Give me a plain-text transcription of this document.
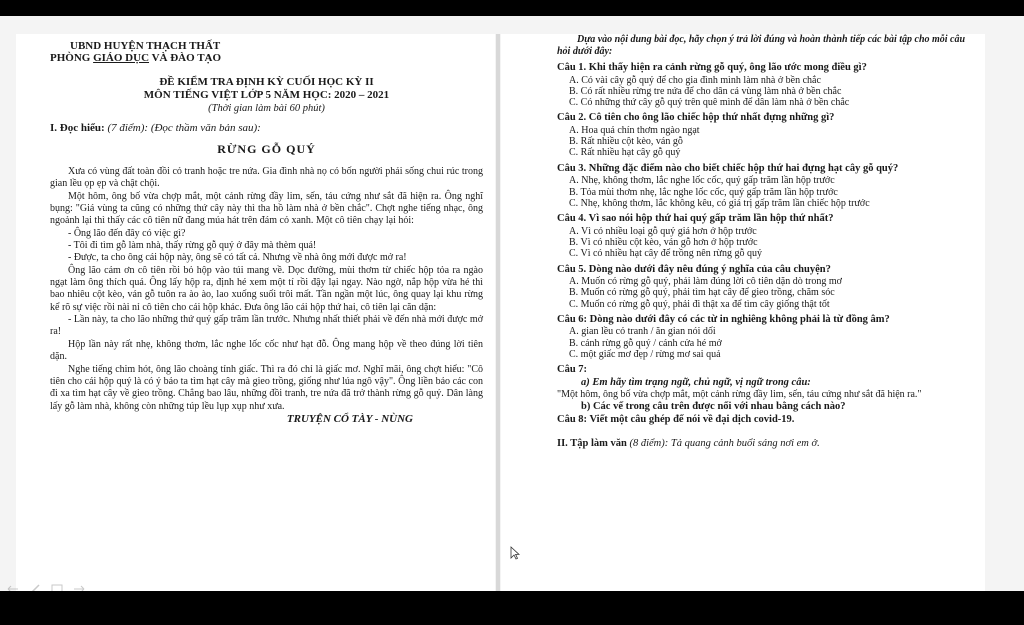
UBND HUYỆN THẠCH THẤT

PHÒNG GIÁO DỤC VÀ ĐÀO TẠO

ĐỀ KIỂM TRA ĐỊNH KỲ CUỐI HỌC KỲ II

MÔN TIẾNG VIỆT LỚP 5 NĂM HỌC: 2020 – 2021

(Thời gian làm bài 60 phút)

I. Đọc hiểu: (7 điểm): (Đọc thầm văn bản sau):

RỪNG GỖ QUÝ

Xưa có vùng đất toàn đồi cỏ tranh hoặc tre nứa. Gia đình nhà nọ có bốn người phải sống chui rúc trong gian lều ọp ẹp và chật chội.

Một hôm, ông bố vừa chợp mắt, một cảnh rừng đầy lim, sến, táu cứng như sắt đã hiện ra. Ông nghĩ bụng: "Giá vùng ta cũng có những thứ cây này thì tha hồ làm nhà ở bền chắc". Chợt nghe tiếng nhạc, ông ngoảnh lại thì thấy các cô tiên nữ đang múa hát trên đám cỏ xanh. Một cô tiên chạy lại hỏi:

- Ông lão đến đây có việc gì?

- Tôi đi tìm gỗ làm nhà, thấy rừng gỗ quý ở đây mà thèm quá!

- Được, ta cho ông cái hộp này, ông sẽ có tất cả. Nhưng về nhà ông mới được mở ra!

Ông lão cảm ơn cô tiên rồi bỏ hộp vào túi mang về. Dọc đường, mùi thơm từ chiếc hộp tỏa ra ngào ngạt làm ông thích quá. Ông lấy hộp ra, định hé xem một tí rồi đậy lại ngay. Nào ngờ, nắp hộp vừa hé thì bao nhiêu cột kèo, ván gỗ tuôn ra ào ào, lao xuống suối trôi mất. Tần ngần một lúc, ông quay lại khu rừng kể rõ sự việc rồi nài nỉ cô tiên cho cái hộp khác. Đưa ông lão cái hộp thứ hai, cô tiên lại căn dặn:

- Lần này, ta cho lão những thứ quý gấp trăm lần trước. Nhưng nhất thiết phải về đến nhà mới được mở ra!

Hộp lần này rất nhẹ, không thơm, lắc nghe lốc cốc như hạt đỗ. Ông mang hộp về theo đúng lời tiên dặn.

Nghe tiếng chim hót, ông lão choàng tỉnh giấc. Thì ra đó chỉ là giấc mơ. Nghĩ mãi, ông chợt hiểu: "Cô tiên cho cái hộp quý là có ý bảo ta tìm hạt cây mà gieo trồng, giống như lúa ngô vậy". Ông liền bảo các con đi xa tìm hạt cây về gieo trồng. Chẳng bao lâu, những đồi tranh, tre nứa đã trở thành rừng gỗ quý. Dân làng lấy gỗ làm nhà, không còn những túp lều lụp xụp như xưa.

TRUYỆN CỔ TÀY - NÙNG

Dựa vào nội dung bài đọc, hãy chọn ý trả lời đúng và hoàn thành tiếp các bài tập cho mỗi câu hỏi dưới đây:

Câu 1. Khi thấy hiện ra cảnh rừng gỗ quý, ông lão ước mong điều gì?

A. Có vài cây gỗ quý để cho gia đình mình làm nhà ở bền chắc

B. Có rất nhiều rừng tre nứa để cho dân cả vùng làm nhà ở bền chắc

C. Có những thứ cây gỗ quý trên quê mình để dân làm nhà ở bền chắc

Câu 2. Cô tiên cho ông lão chiếc hộp thứ nhất đựng những gì?

A. Hoa quả chín thơm ngào ngạt

B. Rất nhiều cột kèo, ván gỗ

C. Rất nhiều hạt cây gỗ quý

Câu 3. Những đặc điểm nào cho biết chiếc hộp thứ hai đựng hạt cây gỗ quý?

A. Nhẹ, không thơm, lắc nghe lốc cốc, quý gấp trăm lần hộp trước

B. Tỏa mùi thơm nhẹ, lắc nghe lốc cốc, quý gấp trăm lần hộp trước

C. Nhẹ, không thơm, lắc không kêu, có giá trị gấp trăm lần chiếc hộp trước

Câu 4. Vì sao nói hộp thứ hai quý gấp trăm lần hộp thứ nhất?

A. Vì có nhiều loại gỗ quý giá hơn ở hộp trước

B. Vì có nhiều cột kèo, ván gỗ hơn ở hộp trước

C. Vì có nhiều hạt cây để trồng nên rừng gỗ quý

Câu 5. Dòng nào dưới đây nêu đúng ý nghĩa của câu chuyện?

A. Muốn có rừng gỗ quý, phải làm đúng lời cô tiên dặn dò trong mơ

B. Muốn có rừng gỗ quý, phải tìm hạt cây để gieo trồng, chăm sóc

C. Muốn có rừng gỗ quý, phải đi thật xa để tìm cây giống thật tốt

Câu 6: Dòng nào dưới đây có các từ in nghiêng không phải là từ đồng âm?

A. gian lều cỏ tranh / ăn gian nói dối

B. cánh rừng gỗ quý / cánh cửa hé mở

C. một giấc mơ đẹp / rừng mơ sai quả

Câu 7:

a) Em hãy tìm trạng ngữ, chủ ngữ, vị ngữ trong câu:

"Một hôm, ông bố vừa chợp mắt, một cảnh rừng đầy lim, sến, táu cứng như sắt đã hiện ra."

b) Các vế trong câu trên được nối với nhau bằng cách nào?

Câu 8: Viết một câu ghép để nói về đại dịch covid-19.

II. Tập làm văn (8 điểm): Tả quang cảnh buổi sáng nơi em ở.
